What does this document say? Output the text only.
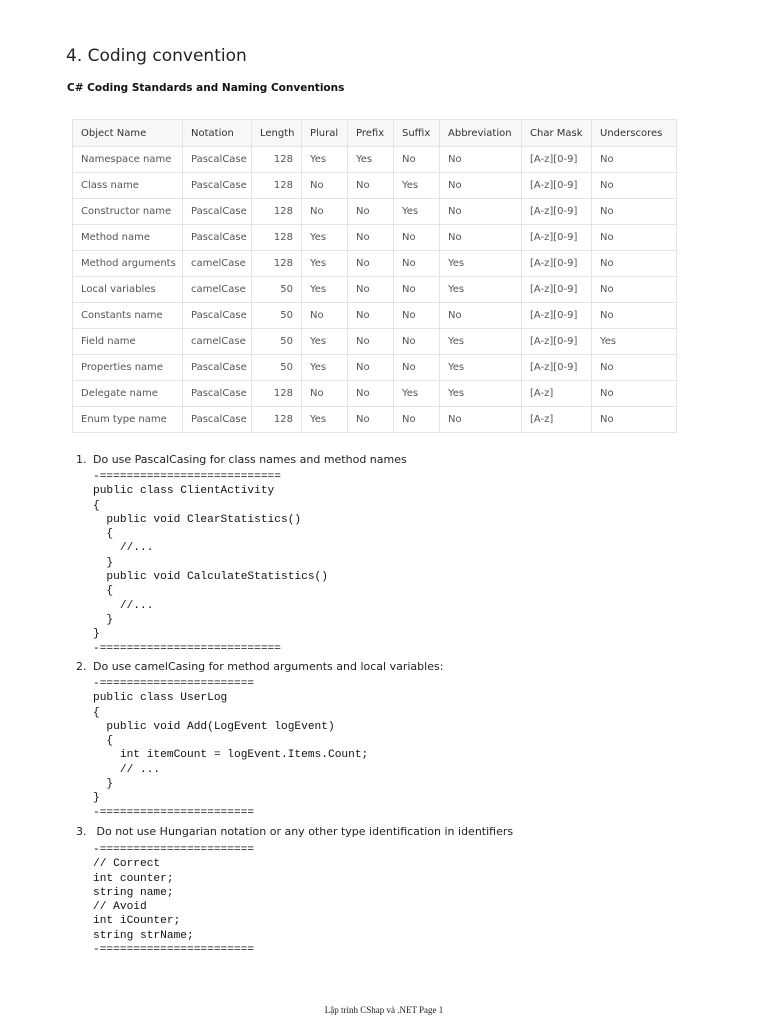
4. Coding convention
C# Coding Standards and Naming Conventions
Object Name	Notation	Length	Plural	Prefix	Suffix	Abbreviation	Char Mask	Underscores
Namespace name	PascalCase	128	Yes	Yes	No	No	[A-z][0-9]	No
Class name	PascalCase	128	No	No	Yes	No	[A-z][0-9]	No
Constructor name	PascalCase	128	No	No	Yes	No	[A-z][0-9]	No
Method name	PascalCase	128	Yes	No	No	No	[A-z][0-9]	No
Method arguments	camelCase	128	Yes	No	No	Yes	[A-z][0-9]	No
Local variables	camelCase	50	Yes	No	No	Yes	[A-z][0-9]	No
Constants name	PascalCase	50	No	No	No	No	[A-z][0-9]	No
Field name	camelCase	50	Yes	No	No	Yes	[A-z][0-9]	Yes
Properties name	PascalCase	50	Yes	No	No	Yes	[A-z][0-9]	No
Delegate name	PascalCase	128	No	No	Yes	Yes	[A-z]	No
Enum type name	PascalCase	128	Yes	No	No	No	[A-z]	No

1. Do use PascalCasing for class names and method names

-===========================
public class ClientActivity
{
public void ClearStatistics()
{
//...
}
public void CalculateStatistics()
{
//...
}
}
-===========================

2. Do use camelCasing for method arguments and local variables:

-=======================
public class UserLog
{
public void Add(LogEvent logEvent)
{
int itemCount = logEvent.Items.Count;
// ...
}
}
-=======================

3. Do not use Hungarian notation or any other type identification in identifiers

-=======================
// Correct
int counter;
string name;
// Avoid
int iCounter;
string strName;
-=======================

Lập trình CShap và .NET Page 1
